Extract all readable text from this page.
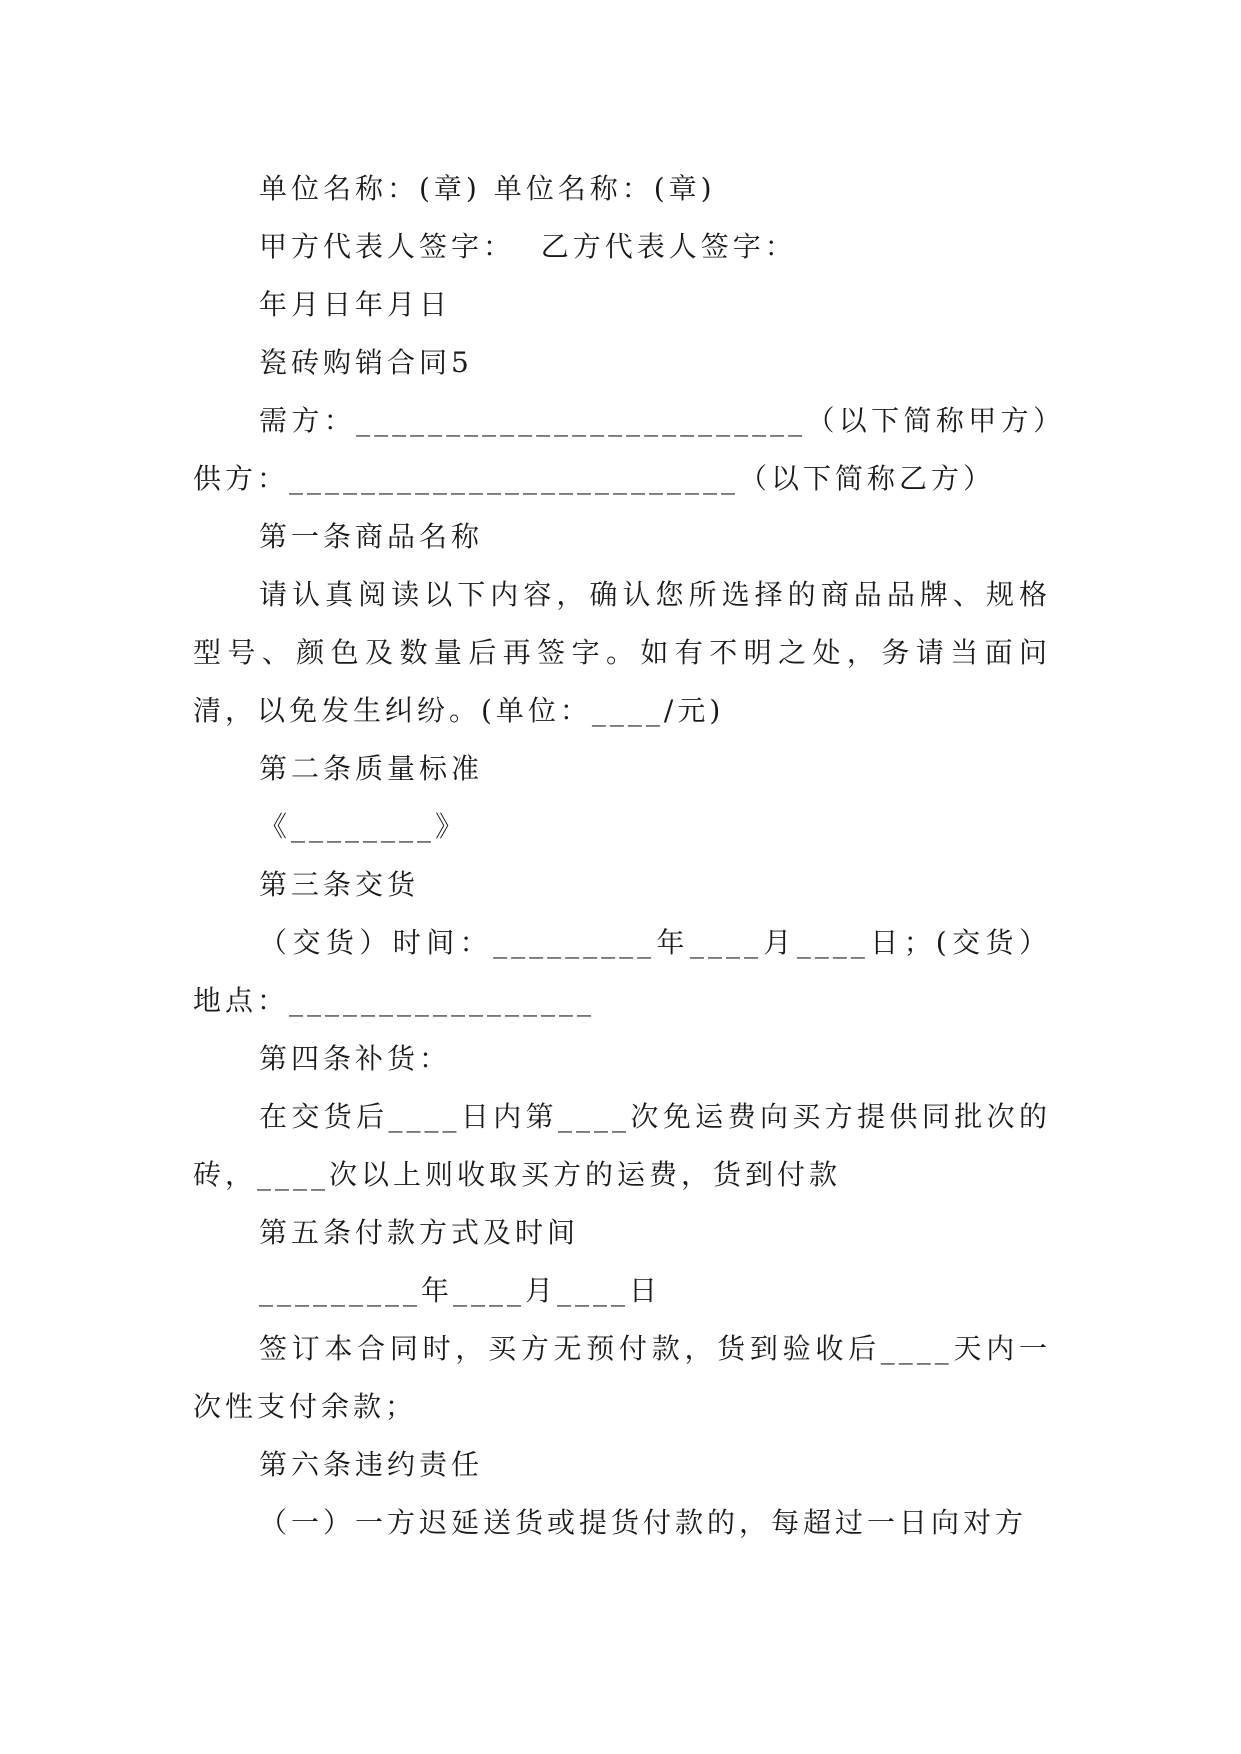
单位名称：(章) 单位名称：(章)

甲方代表人签字：  乙方代表人签字：

年月日年月日

瓷砖购销合同5

需方：_________________________（以下简称甲方）供方：_________________________（以下简称乙方）

第一条商品名称

请认真阅读以下内容，确认您所选择的商品品牌、规格型号、颜色及数量后再签字。如有不明之处，务请当面问清，以免发生纠纷。(单位：____/元)

第二条质量标准

《________》

第三条交货

（交货）时间：_________年____月____日；(交货）地点：_________________

第四条补货：

在交货后____日内第____次免运费向买方提供同批次的砖，____次以上则收取买方的运费，货到付款

第五条付款方式及时间

_________年____月____日

签订本合同时，买方无预付款，货到验收后____天内一次性支付余款；

第六条违约责任

（一）一方迟延送货或提货付款的，每超过一日向对方
